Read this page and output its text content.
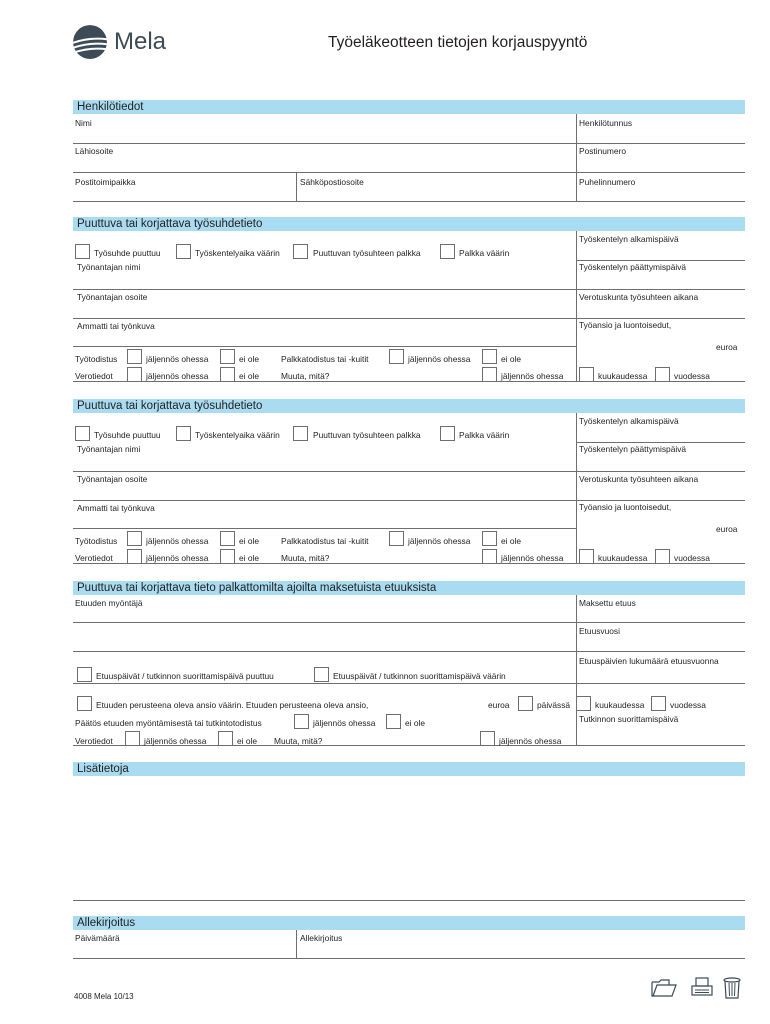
Mela	Työeläkeotteen tietojen korjauspyyntö
Henkilötiedot
Nimi	Henkilötunnus
Lähiosoite	Postinumero
Postitoimipaikka	Sähköpostiosoite	Puhelinnumero
Puuttuva tai korjattava työsuhdetieto
Työsuhde puuttuu	Työskentelyaika väärin	Puuttuvan työsuhteen palkka	Palkka väärin
Työskentelyn alkamispäivä
Työnantajan nimi	Työskentelyn päättymispäivä
Työnantajan osoite	Verotuskunta työsuhteen aikana
Ammatti tai työnkuva	Työansio ja luontoisedut,
euroa
Työtodistus	jäljennös ohessa	ei ole	Palkkatodistus tai -kuitit	jäljennös ohessa	ei ole
Verotiedot	jäljennös ohessa	ei ole	Muuta, mitä?	jäljennös ohessa	kuukaudessa	vuodessa
Puuttuva tai korjattava työsuhdetieto
Työsuhde puuttuu	Työskentelyaika väärin	Puuttuvan työsuhteen palkka	Palkka väärin
Työskentelyn alkamispäivä
Työnantajan nimi	Työskentelyn päättymispäivä
Työnantajan osoite	Verotuskunta työsuhteen aikana
Ammatti tai työnkuva	Työansio ja luontoisedut,
euroa
Työtodistus	jäljennös ohessa	ei ole	Palkkatodistus tai -kuitit	jäljennös ohessa	ei ole
Verotiedot	jäljennös ohessa	ei ole	Muuta, mitä?	jäljennös ohessa	kuukaudessa	vuodessa
Puuttuva tai korjattava tieto palkattomilta ajoilta maksetuista etuuksista
Etuuden myöntäjä	Maksettu etuus
Etuusvuosi
Etuuspäivien lukumäärä etuusvuonna
Etuuspäivät / tutkinnon suorittamispäivä puuttuu	Etuuspäivät / tutkinnon suorittamispäivä väärin
Etuuden perusteena oleva ansio väärin. Etuuden perusteena oleva ansio,	euroa	päivässä	kuukaudessa	vuodessa
Tutkinnon suorittamispäivä
Päätös etuuden myöntämisestä tai tutkintotodistus	jäljennös ohessa	ei ole
Verotiedot	jäljennös ohessa	ei ole Muuta, mitä?	jäljennös ohessa
Lisätietoja
Allekirjoitus
Päivämäärä	Allekirjoitus
4008 Mela 10/13
